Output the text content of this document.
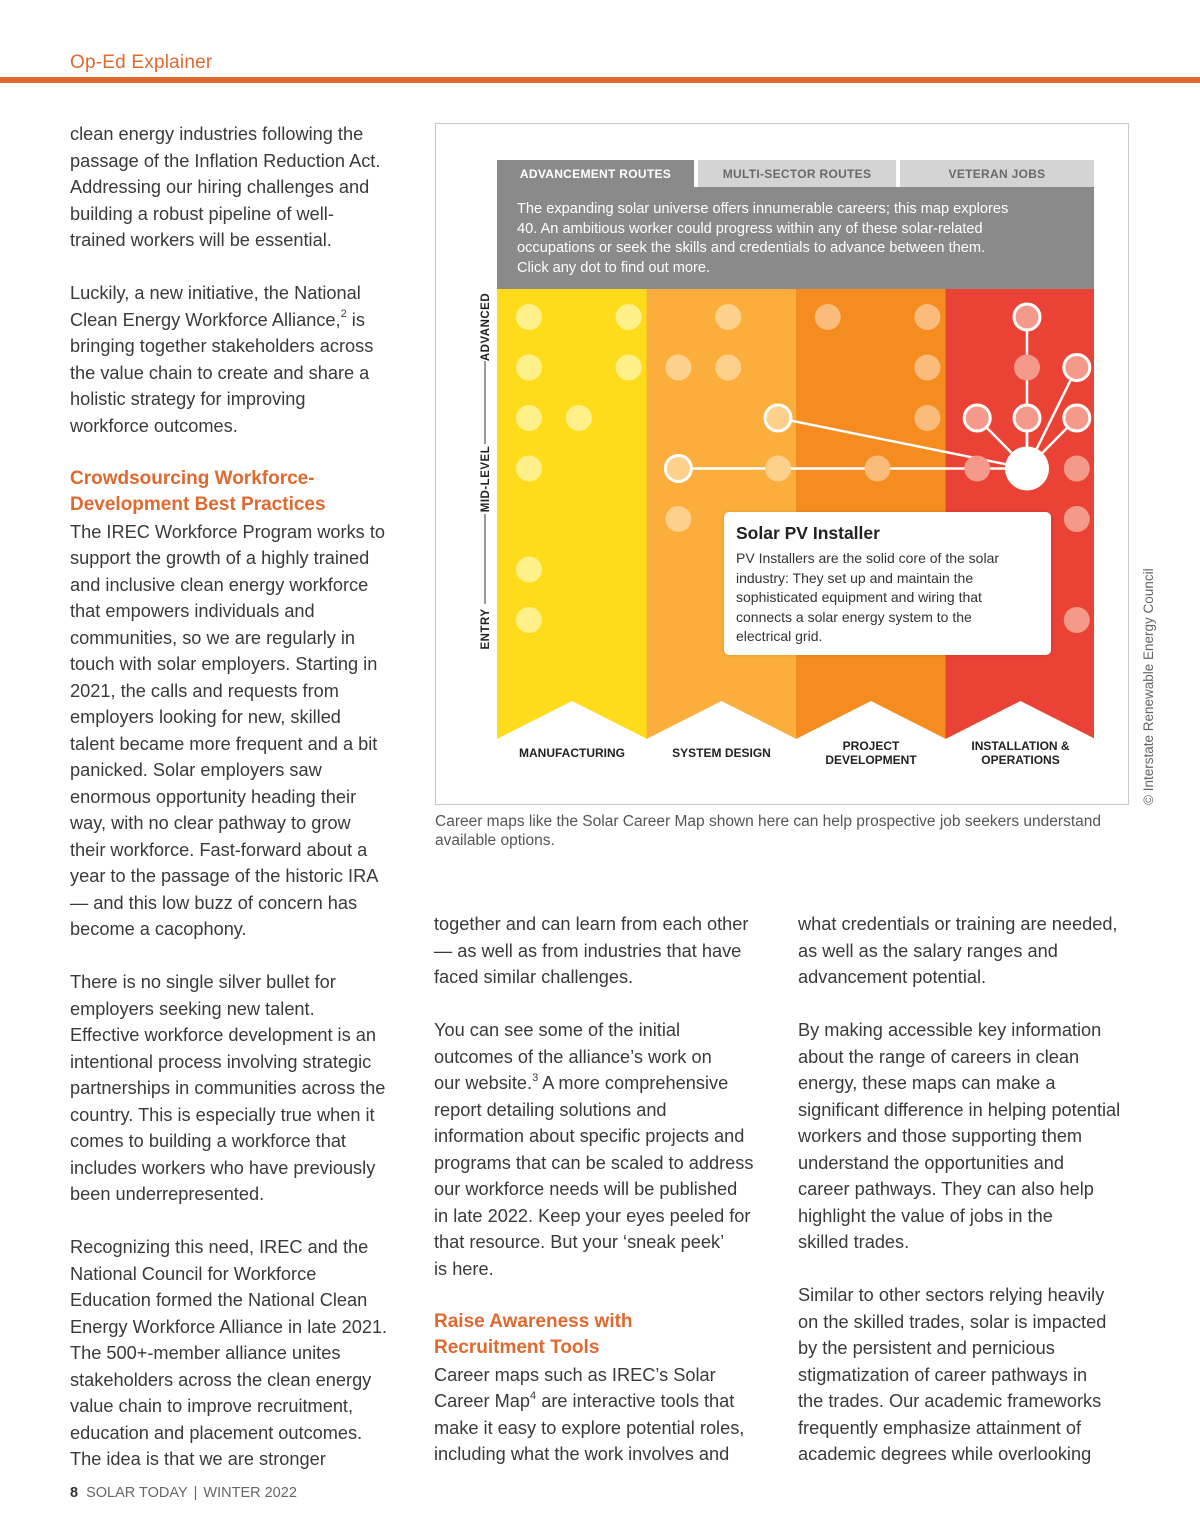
Op-Ed Explainer

clean energy industries following the
passage of the Inflation Reduction Act.
Addressing our hiring challenges and
building a robust pipeline of well-
trained workers will be essential.

Luckily, a new initiative, the National
Clean Energy Workforce Alliance,$^2$ is
bringing together stakeholders across
the value chain to create and share a
holistic strategy for improving
workforce outcomes.

Crowdsourcing Workforce-
Development Best Practices

The IREC Workforce Program works to
support the growth of a highly trained
and inclusive clean energy workforce
that empowers individuals and
communities, so we are regularly in
touch with solar employers. Starting in
2021, the calls and requests from
employers looking for new, skilled
talent became more frequent and a bit
panicked. Solar employers saw
enormous opportunity heading their
way, with no clear pathway to grow
their workforce. Fast-forward about a
year to the passage of the historic IRA
— and this low buzz of concern has
become a cacophony.

There is no single silver bullet for
employers seeking new talent.
Effective workforce development is an
intentional process involving strategic
partnerships in communities across the
country. This is especially true when it
comes to building a workforce that
includes workers who have previously
been underrepresented.

Recognizing this need, IREC and the
National Council for Workforce
Education formed the National Clean
Energy Workforce Alliance in late 2021.
The 500+-member alliance unites
stakeholders across the clean energy
value chain to improve recruitment,
education and placement outcomes.
The idea is that we are stronger

ADVANCEMENT ROUTES	MULTI-SECTOR ROUTES	VETERAN JOBS
The expanding solar universe offers innumerable careers; this map explores
40. An ambitious worker could progress within any of these solar-related
occupations or seek the skills and credentials to advance between them.
Click any dot to find out more.
MANUFACTURING	SYSTEM DESIGN	PROJECT
DEVELOPMENT
INSTALLATION &
OPERATIONS
ADVANCED
MID-LEVEL
ENTRY
Solar PV Installer
PV Installers are the solid core of the solar
industry: They set up and maintain the
sophisticated equipment and wiring that
connects a solar energy system to the
electrical grid.	© Interstate Renewable Energy Council
Career maps like the Solar Career Map shown here can help prospective job seekers understand
available options.

together and can learn from each other
— as well as from industries that have
faced similar challenges.

You can see some of the initial
outcomes of the alliance’s work on
our website.$^3$ A more comprehensive
report detailing solutions and
information about specific projects and
programs that can be scaled to address
our workforce needs will be published
in late 2022. Keep your eyes peeled for
that resource. But your ‘sneak peek’
is here.

Raise Awareness with
Recruitment Tools

Career maps such as IREC’s Solar
Career Map$^4$ are interactive tools that
make it easy to explore potential roles,
including what the work involves and

what credentials or training are needed,
as well as the salary ranges and
advancement potential.

By making accessible key information
about the range of careers in clean
energy, these maps can make a
significant difference in helping potential
workers and those supporting them
understand the opportunities and
career pathways. They can also help
highlight the value of jobs in the
skilled trades.

Similar to other sectors relying heavily
on the skilled trades, solar is impacted
by the persistent and pernicious
stigmatization of career pathways in
the trades. Our academic frameworks
frequently emphasize attainment of
academic degrees while overlooking

8 SOLAR TODAY | WINTER 2022
